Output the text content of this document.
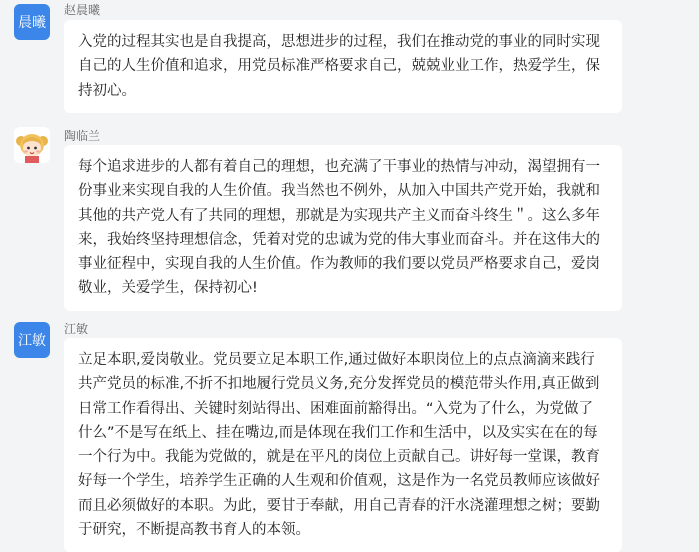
晨曦
赵晨曦
入党的过程其实也是自我提高，思想进步的过程，我们在推动党的事业的同时实现
自己的人生价值和追求，用党员标准严格要求自己，兢兢业业工作，热爱学生，保
持初心。
陶临兰
每个追求进步的人都有着自己的理想，也充满了干事业的热情与冲动，渴望拥有一
份事业来实现自我的人生价值。我当然也不例外，从加入中国共产党开始，我就和
其他的共产党人有了共同的理想，那就是为实现共产主义而奋斗终生＂。这么多年
来，我始终坚持理想信念，凭着对党的忠诚为党的伟大事业而奋斗。并在这伟大的
事业征程中，实现自我的人生价值。作为教师的我们要以党员严格要求自己，爱岗
敬业，关爱学生，保持初心!
江敏
江敏
立足本职,爱岗敬业。党员要立足本职工作,通过做好本职岗位上的点点滴滴来践行
共产党员的标准,不折不扣地履行党员义务,充分发挥党员的模范带头作用,真正做到
日常工作看得出、关键时刻站得出、困难面前豁得出。“入党为了什么，为党做了
什么”不是写在纸上、挂在嘴边,而是体现在我们工作和生活中，以及实实在在的每
一个行为中。我能为党做的，就是在平凡的岗位上贡献自己。讲好每一堂课，教育
好每一个学生，培养学生正确的人生观和价值观，这是作为一名党员教师应该做好
而且必须做好的本职。为此，要甘于奉献，用自己青春的汗水浇灌理想之树；要勤
于研究，不断提高教书育人的本领。
